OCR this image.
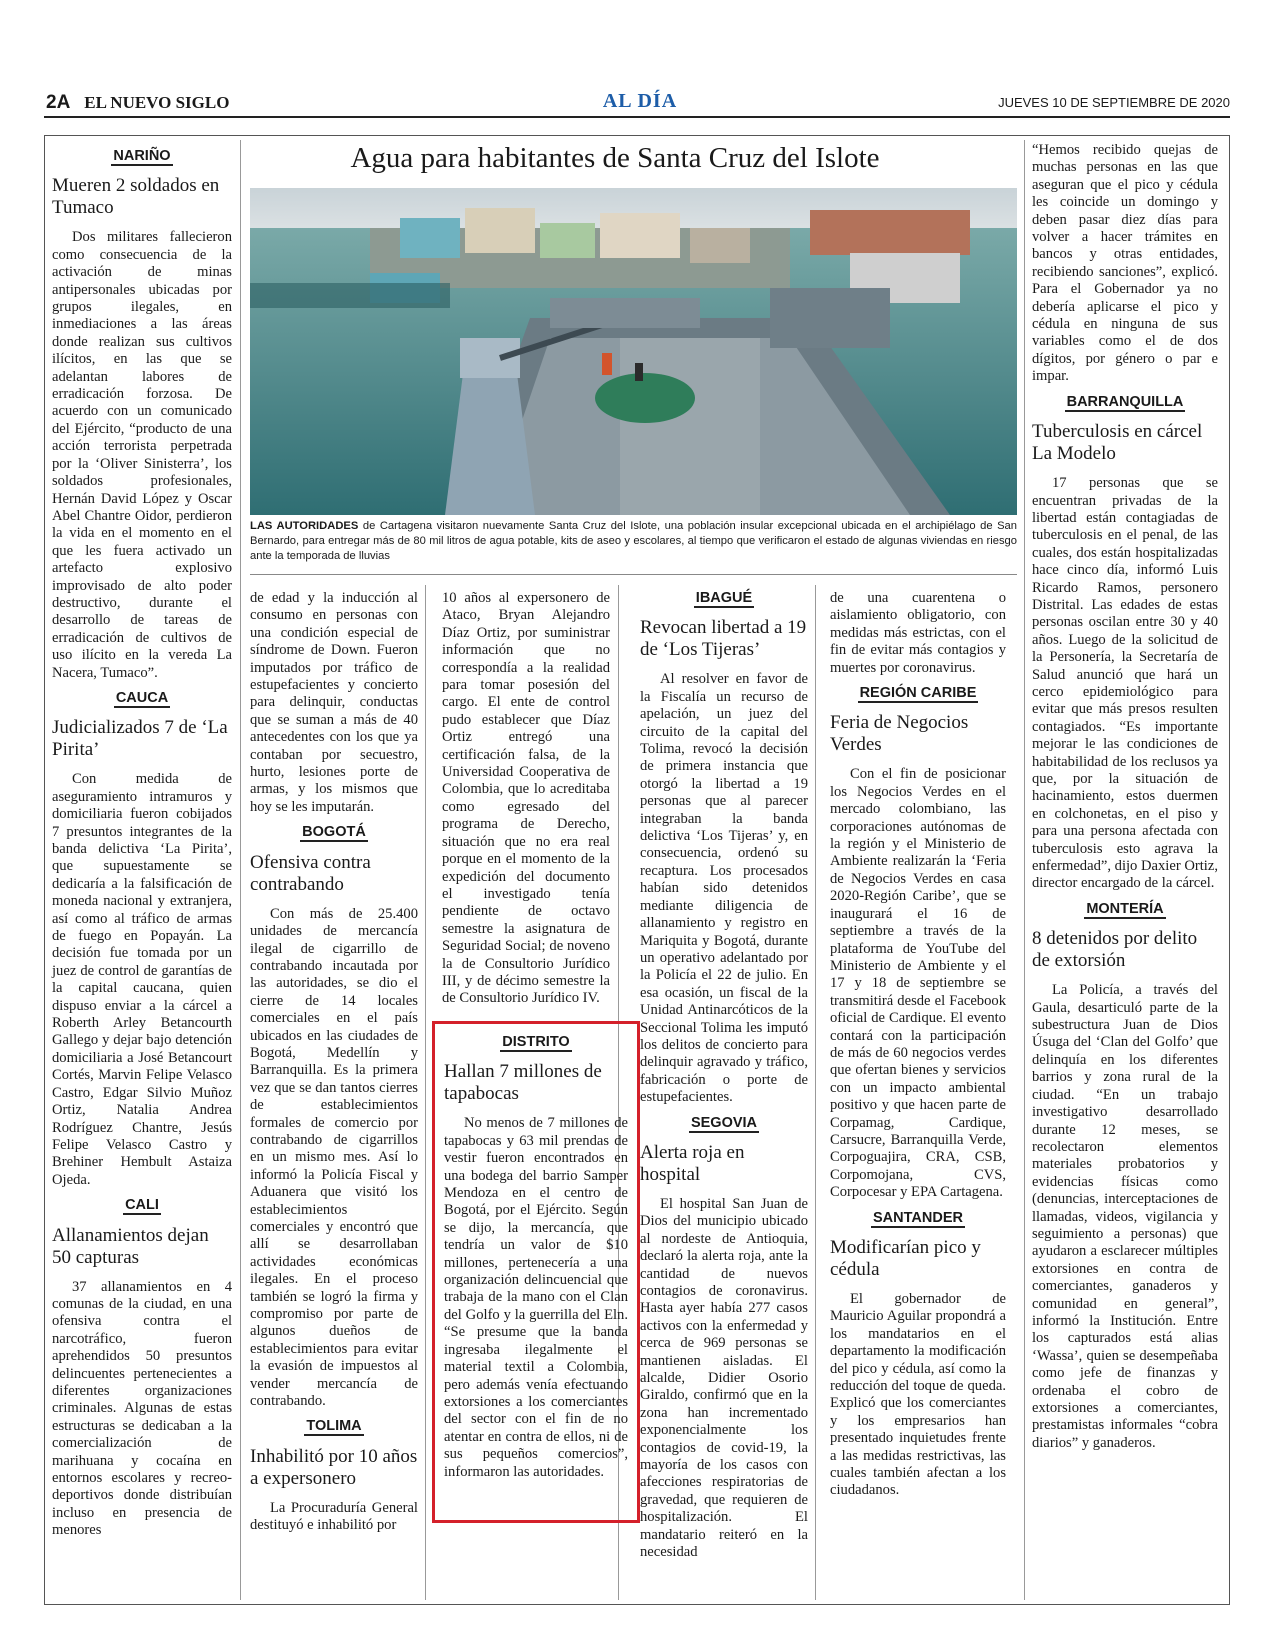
2A EL NUEVO SIGLO	AL DÍA	JUEVES 10 DE SEPTIEMBRE DE 2020
Agua para habitantes de Santa Cruz del Islote
LAS AUTORIDADES de Cartagena visitaron nuevamente Santa Cruz del Islote, una población insular excepcional ubicada en el archipiélago de San Bernardo, para entregar más de 80 mil litros de agua potable, kits de aseo y escolares, al tiempo que verificaron el estado de algunas viviendas en riesgo ante la temporada de lluvias
NARIÑO
Mueren 2 soldados en Tumaco

Dos militares fallecieron como consecuencia de la activación de minas antipersonales ubicadas por grupos ilegales, en inmediaciones a las áreas donde realizan sus cultivos ilícitos, en las que se adelantan labores de erradicación forzosa. De acuerdo con un comunicado del Ejército, “producto de una acción terrorista perpetrada por la ‘Oliver Sinisterra’, los soldados profesionales, Hernán David López y Oscar Abel Chantre Oidor, perdieron la vida en el momento en el que les fuera activado un artefacto explosivo improvisado de alto poder destructivo, durante el desarrollo de tareas de erradicación de cultivos de uso ilícito en la vereda La Nacera, Tumaco”.

CAUCA
Judicializados 7 de ‘La Pirita’

Con medida de aseguramiento intramuros y domiciliaria fueron cobijados 7 presuntos integrantes de la banda delictiva ‘La Pirita’, que supuestamente se dedicaría a la falsificación de moneda nacional y extranjera, así como al tráfico de armas de fuego en Popayán. La decisión fue tomada por un juez de control de garantías de la capital caucana, quien dispuso enviar a la cárcel a Roberth Arley Betancourth Gallego y dejar bajo detención domiciliaria a José Betancourt Cortés, Marvin Felipe Velasco Castro, Edgar Silvio Muñoz Ortiz, Natalia Andrea Rodríguez Chantre, Jesús Felipe Velasco Castro y Brehiner Hembult Astaiza Ojeda.

CALI
Allanamientos dejan 50 capturas

37 allanamientos en 4 comunas de la ciudad, en una ofensiva contra el narcotráfico, fueron aprehendidos 50 presuntos delincuentes pertenecientes a diferentes organizaciones criminales. Algunas de estas estructuras se dedicaban a la comercialización de marihuana y cocaína en entornos escolares y recreo-deportivos donde distribuían incluso en presencia de menores

de edad y la inducción al consumo en personas con una condición especial de síndrome de Down. Fueron imputados por tráfico de estupefacientes y concierto para delinquir, conductas que se suman a más de 40 antecedentes con los que ya contaban por secuestro, hurto, lesiones porte de armas, y los mismos que hoy se les imputarán.

BOGOTÁ
Ofensiva contra contrabando

Con más de 25.400 unidades de mercancía ilegal de cigarrillo de contrabando incautada por las autoridades, se dio el cierre de 14 locales comerciales en el país ubicados en las ciudades de Bogotá, Medellín y Barranquilla. Es la primera vez que se dan tantos cierres de establecimientos formales de comercio por contrabando de cigarrillos en un mismo mes. Así lo informó la Policía Fiscal y Aduanera que visitó los establecimientos comerciales y encontró que allí se desarrollaban actividades económicas ilegales. En el proceso también se logró la firma y compromiso por parte de algunos dueños de establecimientos para evitar la evasión de impuestos al vender mercancía de contrabando.

TOLIMA
Inhabilitó por 10 años a expersonero

La Procuraduría General destituyó e inhabilitó por

10 años al expersonero de Ataco, Bryan Alejandro Díaz Ortiz, por suministrar información que no correspondía a la realidad para tomar posesión del cargo. El ente de control pudo establecer que Díaz Ortiz entregó una certificación falsa, de la Universidad Cooperativa de Colombia, que lo acreditaba como egresado del programa de Derecho, situación que no era real porque en el momento de la expedición del documento el investigado tenía pendiente de octavo semestre la asignatura de Seguridad Social; de noveno la de Consultorio Jurídico III, y de décimo semestre la de Consultorio Jurídico IV.

DISTRITO
Hallan 7 millones de tapabocas

No menos de 7 millones de tapabocas y 63 mil prendas de vestir fueron encontrados en una bodega del barrio Samper Mendoza en el centro de Bogotá, por el Ejército. Según se dijo, la mercancía, que tendría un valor de $10 millones, pertenecería a una organización delincuencial que trabaja de la mano con el Clan del Golfo y la guerrilla del Eln. “Se presume que la banda ingresaba ilegalmente el material textil a Colombia, pero además venía efectuando extorsiones a los comerciantes del sector con el fin de no atentar en contra de ellos, ni de sus pequeños comercios”, informaron las autoridades.

IBAGUÉ
Revocan libertad a 19 de ‘Los Tijeras’

Al resolver en favor de la Fiscalía un recurso de apelación, un juez del circuito de la capital del Tolima, revocó la decisión de primera instancia que otorgó la libertad a 19 personas que al parecer integraban la banda delictiva ‘Los Tijeras’ y, en consecuencia, ordenó su recaptura. Los procesados habían sido detenidos mediante diligencia de allanamiento y registro en Mariquita y Bogotá, durante un operativo adelantado por la Policía el 22 de julio. En esa ocasión, un fiscal de la Unidad Antinarcóticos de la Seccional Tolima les imputó los delitos de concierto para delinquir agravado y tráfico, fabricación o porte de estupefacientes.

SEGOVIA
Alerta roja en hospital

El hospital San Juan de Dios del municipio ubicado al nordeste de Antioquia, declaró la alerta roja, ante la cantidad de nuevos contagios de coronavirus. Hasta ayer había 277 casos activos con la enfermedad y cerca de 969 personas se mantienen aisladas. El alcalde, Didier Osorio Giraldo, confirmó que en la zona han incrementado exponencialmente los contagios de covid-19, la mayoría de los casos con afecciones respiratorias de gravedad, que requieren de hospitalización. El mandatario reiteró en la necesidad

de una cuarentena o aislamiento obligatorio, con medidas más estrictas, con el fin de evitar más contagios y muertes por coronavirus.

REGIÓN CARIBE
Feria de Negocios Verdes

Con el fin de posicionar los Negocios Verdes en el mercado colombiano, las corporaciones autónomas de la región y el Ministerio de Ambiente realizarán la ‘Feria de Negocios Verdes en casa 2020-Región Caribe’, que se inaugurará el 16 de septiembre a través de la plataforma de YouTube del Ministerio de Ambiente y el 17 y 18 de septiembre se transmitirá desde el Facebook oficial de Cardique. El evento contará con la participación de más de 60 negocios verdes que ofertan bienes y servicios con un impacto ambiental positivo y que hacen parte de Corpamag, Cardique, Carsucre, Barranquilla Verde, Corpoguajira, CRA, CSB, Corpomojana, CVS, Corpocesar y EPA Cartagena.

SANTANDER
Modificarían pico y cédula

El gobernador de Mauricio Aguilar propondrá a los mandatarios en el departamento la modificación del pico y cédula, así como la reducción del toque de queda. Explicó que los comerciantes y los empresarios han presentado inquietudes frente a las medidas restrictivas, las cuales también afectan a los ciudadanos.

“Hemos recibido quejas de muchas personas en las que aseguran que el pico y cédula les coincide un domingo y deben pasar diez días para volver a hacer trámites en bancos y otras entidades, recibiendo sanciones”, explicó. Para el Gobernador ya no debería aplicarse el pico y cédula en ninguna de sus variables como el de dos dígitos, por género o par e impar.

BARRANQUILLA
Tuberculosis en cárcel La Modelo

17 personas que se encuentran privadas de la libertad están contagiadas de tuberculosis en el penal, de las cuales, dos están hospitalizadas hace cinco día, informó Luis Ricardo Ramos, personero Distrital. Las edades de estas personas oscilan entre 30 y 40 años. Luego de la solicitud de la Personería, la Secretaría de Salud anunció que hará un cerco epidemiológico para evitar que más presos resulten contagiados. “Es importante mejorar le las condiciones de habitabilidad de los reclusos ya que, por la situación de hacinamiento, estos duermen en colchonetas, en el piso y para una persona afectada con tuberculosis esto agrava la enfermedad”, dijo Daxier Ortiz, director encargado de la cárcel.

MONTERÍA
8 detenidos por delito de extorsión

La Policía, a través del Gaula, desarticuló parte de la subestructura Juan de Dios Úsuga del ‘Clan del Golfo’ que delinquía en los diferentes barrios y zona rural de la ciudad. “En un trabajo investigativo desarrollado durante 12 meses, se recolectaron elementos materiales probatorios y evidencias físicas como (denuncias, interceptaciones de llamadas, videos, vigilancia y seguimiento a personas) que ayudaron a esclarecer múltiples extorsiones en contra de comerciantes, ganaderos y comunidad en general”, informó la Institución. Entre los capturados está alias ‘Wassa’, quien se desempeñaba como jefe de finanzas y ordenaba el cobro de extorsiones a comerciantes, prestamistas informales “cobra diarios” y ganaderos.
